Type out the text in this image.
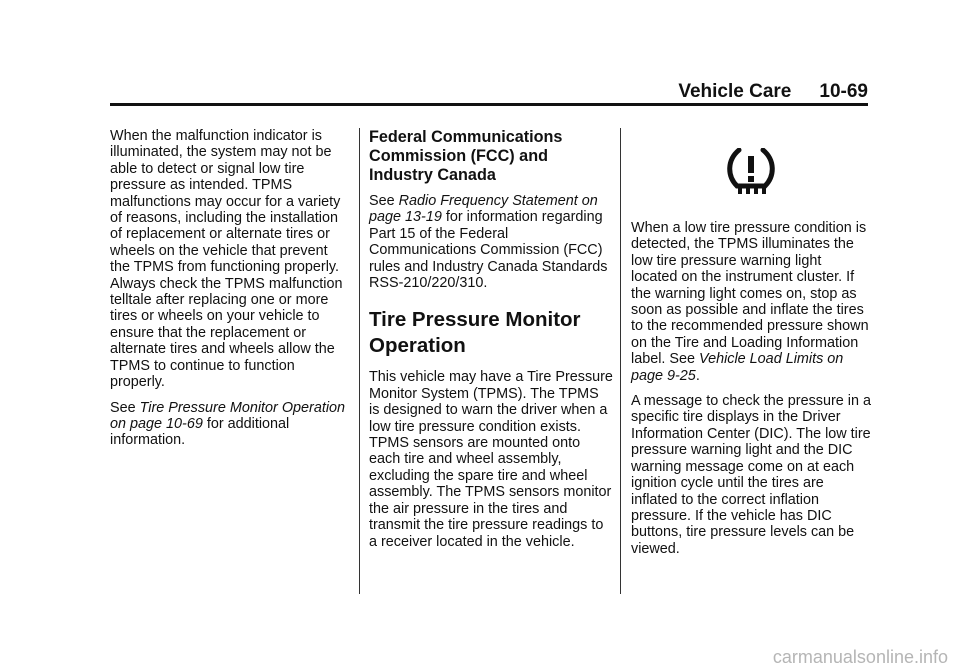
Vehicle Care 10-69

When the malfunction indicator is illuminated, the system may not be able to detect or signal low tire pressure as intended. TPMS malfunctions may occur for a variety of reasons, including the installation of replacement or alternate tires or wheels on the vehicle that prevent the TPMS from functioning properly. Always check the TPMS malfunction telltale after replacing one or more tires or wheels on your vehicle to ensure that the replacement or alternate tires and wheels allow the TPMS to continue to function properly.

See Tire Pressure Monitor Operation on page 10-69 for additional information.

Federal Communications Commission (FCC) and Industry Canada

See Radio Frequency Statement on page 13-19 for information regarding Part 15 of the Federal Communications Commission (FCC) rules and Industry Canada Standards RSS-210/220/310.

Tire Pressure Monitor Operation

This vehicle may have a Tire Pressure Monitor System (TPMS). The TPMS is designed to warn the driver when a low tire pressure condition exists. TPMS sensors are mounted onto each tire and wheel assembly, excluding the spare tire and wheel assembly. The TPMS sensors monitor the air pressure in the tires and transmit the tire pressure readings to a receiver located in the vehicle.

When a low tire pressure condition is detected, the TPMS illuminates the low tire pressure warning light located on the instrument cluster. If the warning light comes on, stop as soon as possible and inflate the tires to the recommended pressure shown on the Tire and Loading Information label. See Vehicle Load Limits on page 9-25.

A message to check the pressure in a specific tire displays in the Driver Information Center (DIC). The low tire pressure warning light and the DIC warning message come on at each ignition cycle until the tires are inflated to the correct inflation pressure. If the vehicle has DIC buttons, tire pressure levels can be viewed.

carmanualsonline.info
